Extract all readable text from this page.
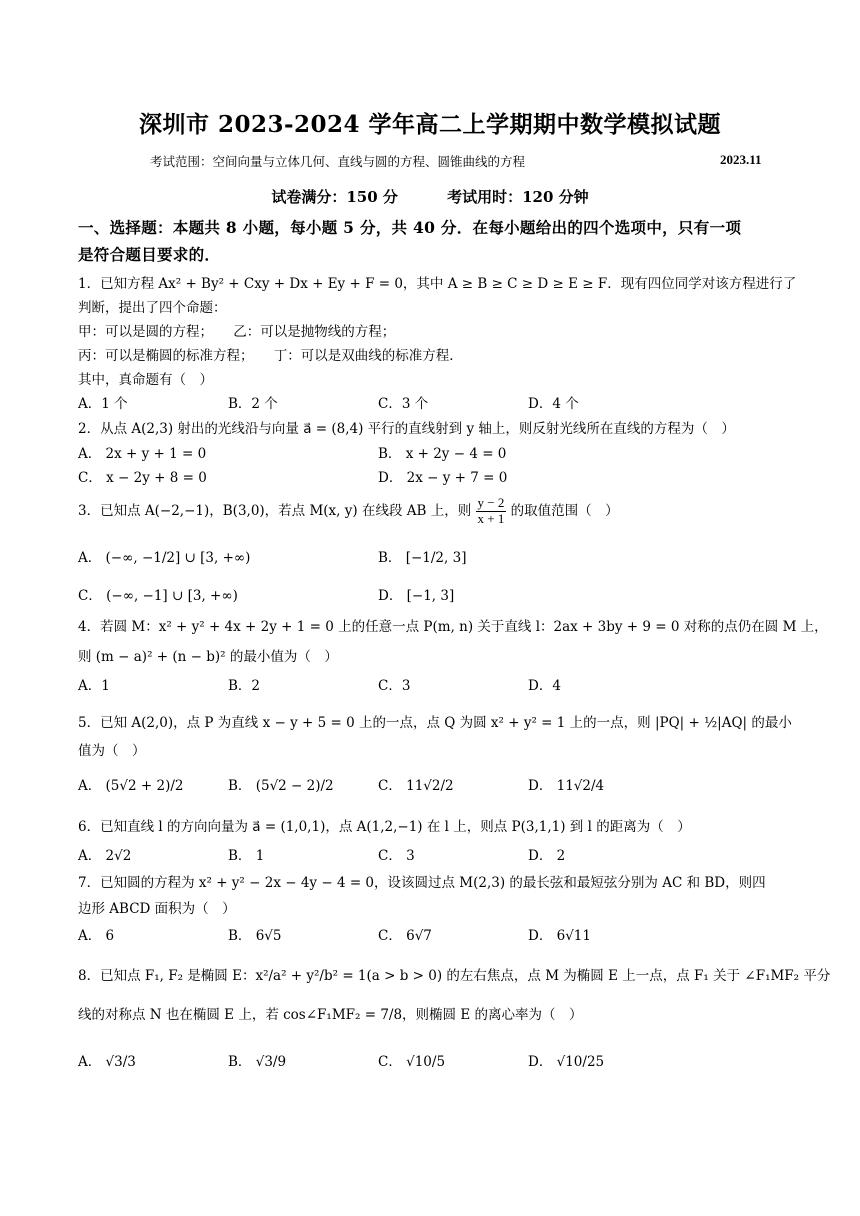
深圳市 2023-2024 学年高二上学期期中数学模拟试题
考试范围：空间向量与立体几何、直线与圆的方程、圆锥曲线的方程	2023.11
试卷满分：150 分	考试用时：120 分钟
一、选择题：本题共 8 小题，每小题 5 分，共 40 分．在每小题给出的四个选项中，只有一项
是符合题目要求的．
1．已知方程 Ax² + By² + Cxy + Dx + Ey + F = 0，其中 A ≥ B ≥ C ≥ D ≥ E ≥ F．现有四位同学对该方程进行了
判断，提出了四个命题：
甲：可以是圆的方程；　　乙：可以是抛物线的方程；
丙：可以是椭圆的标准方程；　　丁：可以是双曲线的标准方程．
其中，真命题有（　）
A．1 个	B．2 个	C．3 个	D．4 个
2．从点 A(2,3) 射出的光线沿与向量 a⃗ = (8,4) 平行的直线射到 y 轴上，则反射光线所在直线的方程为（　）
A． 2x + y + 1 = 0	B． x + 2y − 4 = 0
C． x − 2y + 8 = 0	D． 2x − y + 7 = 0
3．已知点 A(−2,−1)，B(3,0)，若点 M(x, y) 在线段 AB 上，则 $\frac{y - 2}{x + 1}$ 的取值范围（　）
A． (−∞, −1/2] ∪ [3, +∞)	B． [−1/2, 3]
C． (−∞, −1] ∪ [3, +∞)	D． [−1, 3]
4．若圆 M：x² + y² + 4x + 2y + 1 = 0 上的任意一点 P(m, n) 关于直线 l：2ax + 3by + 9 = 0 对称的点仍在圆 M 上，
则 (m − a)² + (n − b)² 的最小值为（　）
A．1	B．2	C．3	D．4
5．已知 A(2,0)，点 P 为直线 x − y + 5 = 0 上的一点，点 Q 为圆 x² + y² = 1 上的一点，则 |PQ| + ½|AQ| 的最小
值为（　）
A． (5√2 + 2)/2	B． (5√2 − 2)/2	C． 11√2/2	D． 11√2/4
6．已知直线 l 的方向向量为 a⃗ = (1,0,1)，点 A(1,2,−1) 在 l 上，则点 P(3,1,1) 到 l 的距离为（　）
A． 2√2	B． 1	C． 3	D． 2
7．已知圆的方程为 x² + y² − 2x − 4y − 4 = 0，设该圆过点 M(2,3) 的最长弦和最短弦分别为 AC 和 BD，则四
边形 ABCD 面积为（　）
A． 6	B． 6√5	C． 6√7	D． 6√11
8．已知点 F₁, F₂ 是椭圆 E：x²/a² + y²/b² = 1(a > b > 0) 的左右焦点，点 M 为椭圆 E 上一点，点 F₁ 关于 ∠F₁MF₂ 平分
线的对称点 N 也在椭圆 E 上，若 cos∠F₁MF₂ = 7/8，则椭圆 E 的离心率为（　）
A． √3/3	B． √3/9	C． √10/5	D． √10/25
